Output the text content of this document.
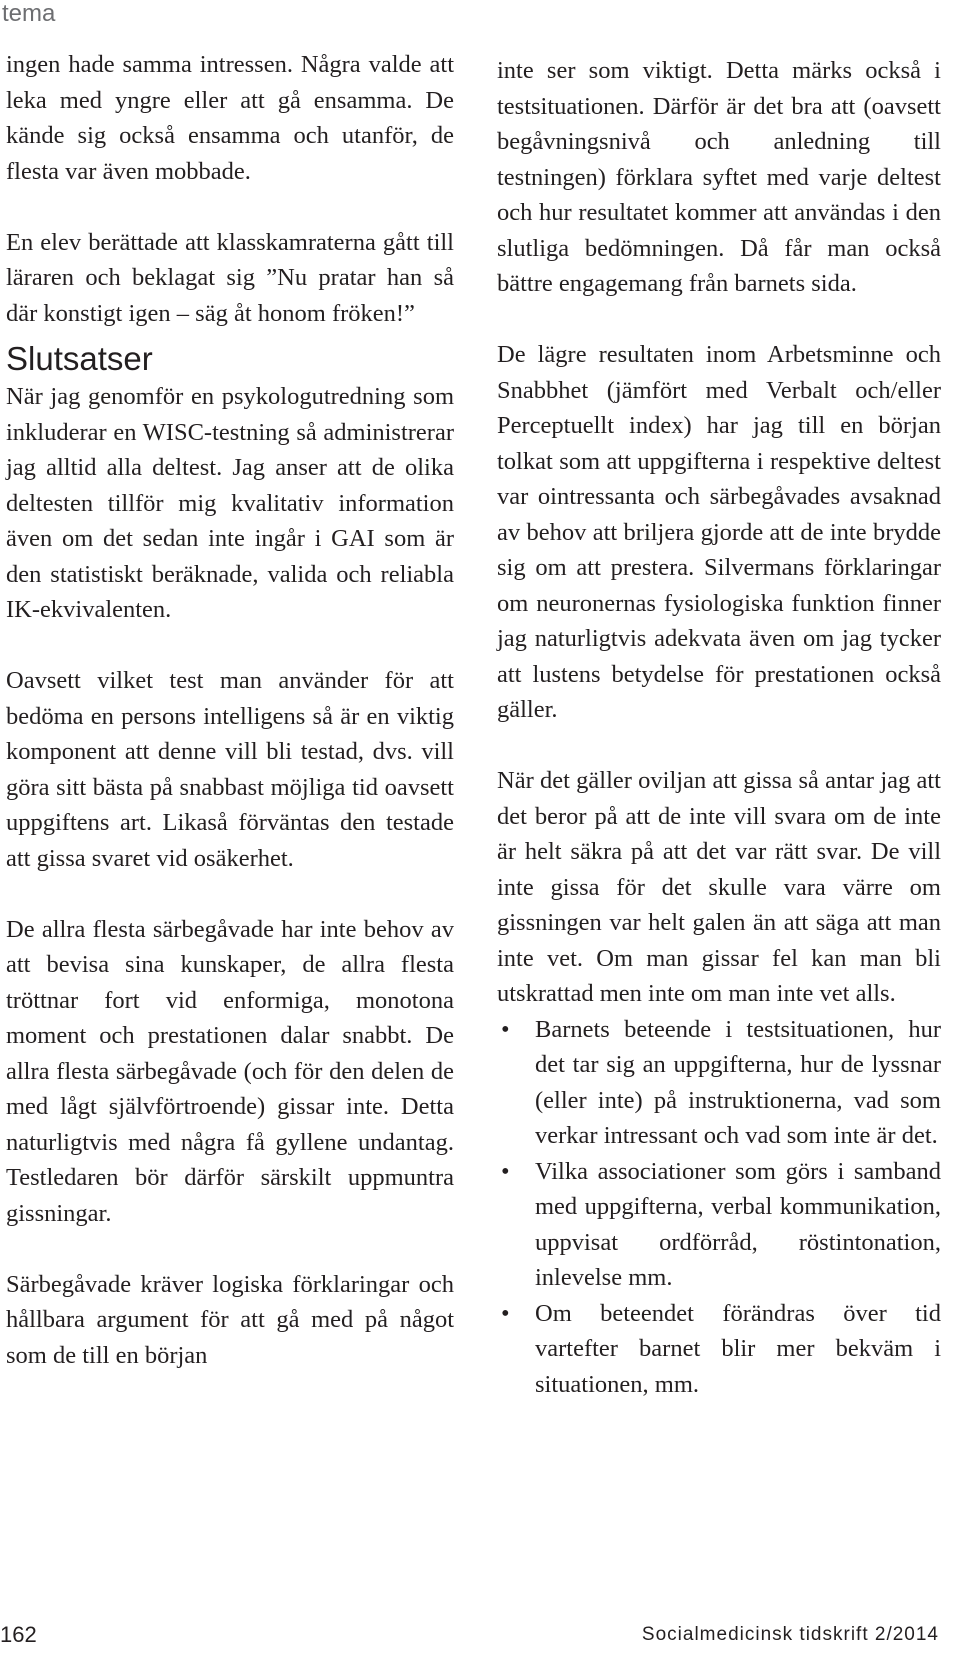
tema

ingen hade samma intressen. Några valde att leka med yngre eller att gå ensamma. De kände sig också ensamma och utanför, de flesta var även mobbade.

En elev berättade att klasskamraterna gått till läraren och beklagat sig ”Nu pratar han så där konstigt igen – säg åt honom fröken!”

Slutsatser

När jag genomför en psykologutredning som inkluderar en WISC-testning så administrerar jag alltid alla deltest. Jag anser att de olika deltesten tillför mig kvalitativ information även om det sedan inte ingår i GAI som är den statistiskt beräknade, valida och reliabla IK-ekvivalenten.

Oavsett vilket test man använder för att bedöma en persons intelligens så är en viktig komponent att denne vill bli testad, dvs. vill göra sitt bästa på snabbast möjliga tid oavsett uppgiftens art. Likaså förväntas den testade att gissa svaret vid osäkerhet.

De allra flesta särbegåvade har inte behov av att bevisa sina kunskaper, de allra flesta tröttnar fort vid enformiga, monotona moment och prestationen dalar snabbt. De allra flesta särbegåvade (och för den delen de med lågt självförtroende) gissar inte. Detta naturligtvis med några få gyllene undantag. Testledaren bör därför särskilt uppmuntra gissningar.

Särbegåvade kräver logiska förklaringar och hållbara argument för att gå med på något som de till en början

inte ser som viktigt. Detta märks också i testsituationen. Därför är det bra att (oavsett begåvningsnivå och anledning till testningen) förklara syftet med varje deltest och hur resultatet kommer att användas i den slutliga bedömningen. Då får man också bättre engagemang från barnets sida.

De lägre resultaten inom Arbetsminne och Snabbhet (jämfört med Verbalt och/eller Perceptuellt index) har jag till en början tolkat som att uppgifterna i respektive deltest var ointressanta och särbegåvades avsaknad av behov att briljera gjorde att de inte brydde sig om att prestera. Silvermans förklaringar om neuronernas fysiologiska funktion finner jag naturligtvis adekvata även om jag tycker att lustens betydelse för prestationen också gäller.

När det gäller oviljan att gissa så antar jag att det beror på att de inte vill svara om de inte är helt säkra på att det var rätt svar. De vill inte gissa för det skulle vara värre om gissningen var helt galen än att säga att man inte vet. Om man gissar fel kan man bli utskrattad men inte om man inte vet alls.

• Barnets beteende i testsituationen, hur det tar sig an uppgifterna, hur de lyssnar (eller inte) på instruktionerna, vad som verkar intressant och vad som inte är det.
• Vilka associationer som görs i samband med uppgifterna, verbal kommunikation, uppvisat ordförråd, röstintonation, inlevelse mm.
• Om beteendet förändras över tid vartefter barnet blir mer bekväm i situationen, mm.
162	Socialmedicinsk tidskrift 2/2014
